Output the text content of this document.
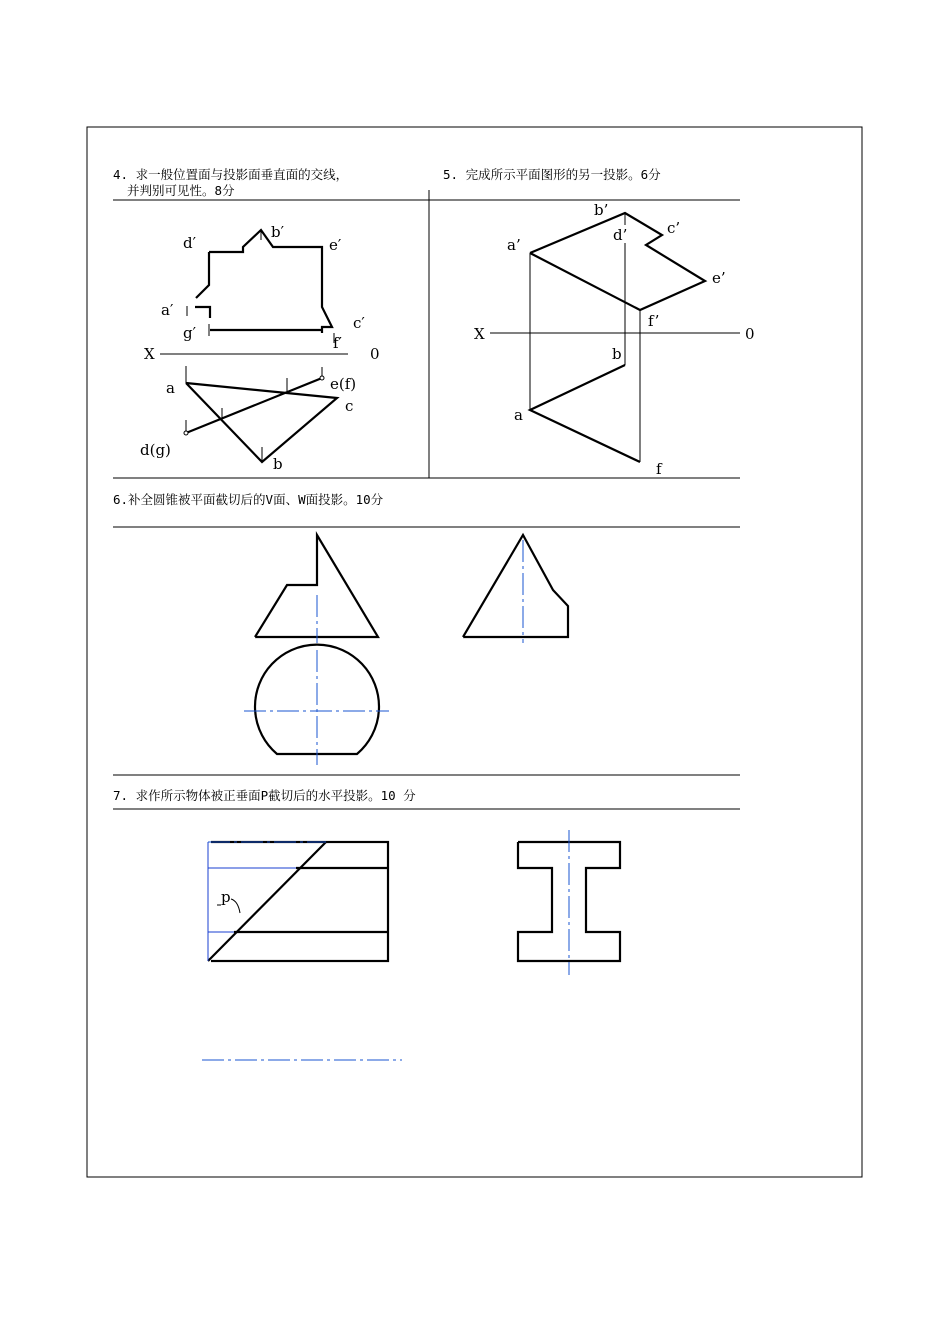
4. 求一般位置面与投影面垂直面的交线，
并判别可见性。8分
5. 完成所示平面图形的另一投影。6分
6.补全圆锥被平面截切后的V面、W面投影。10分
7. 求作所示物体被正垂面P截切后的水平投影。10 分
d′
b′
e′
a′
g′
c′
f′
X	0
a	e(f)
c
d(g)
b
b’
d’	c’
a’
e’
f’
X	0
b
a
f
p
